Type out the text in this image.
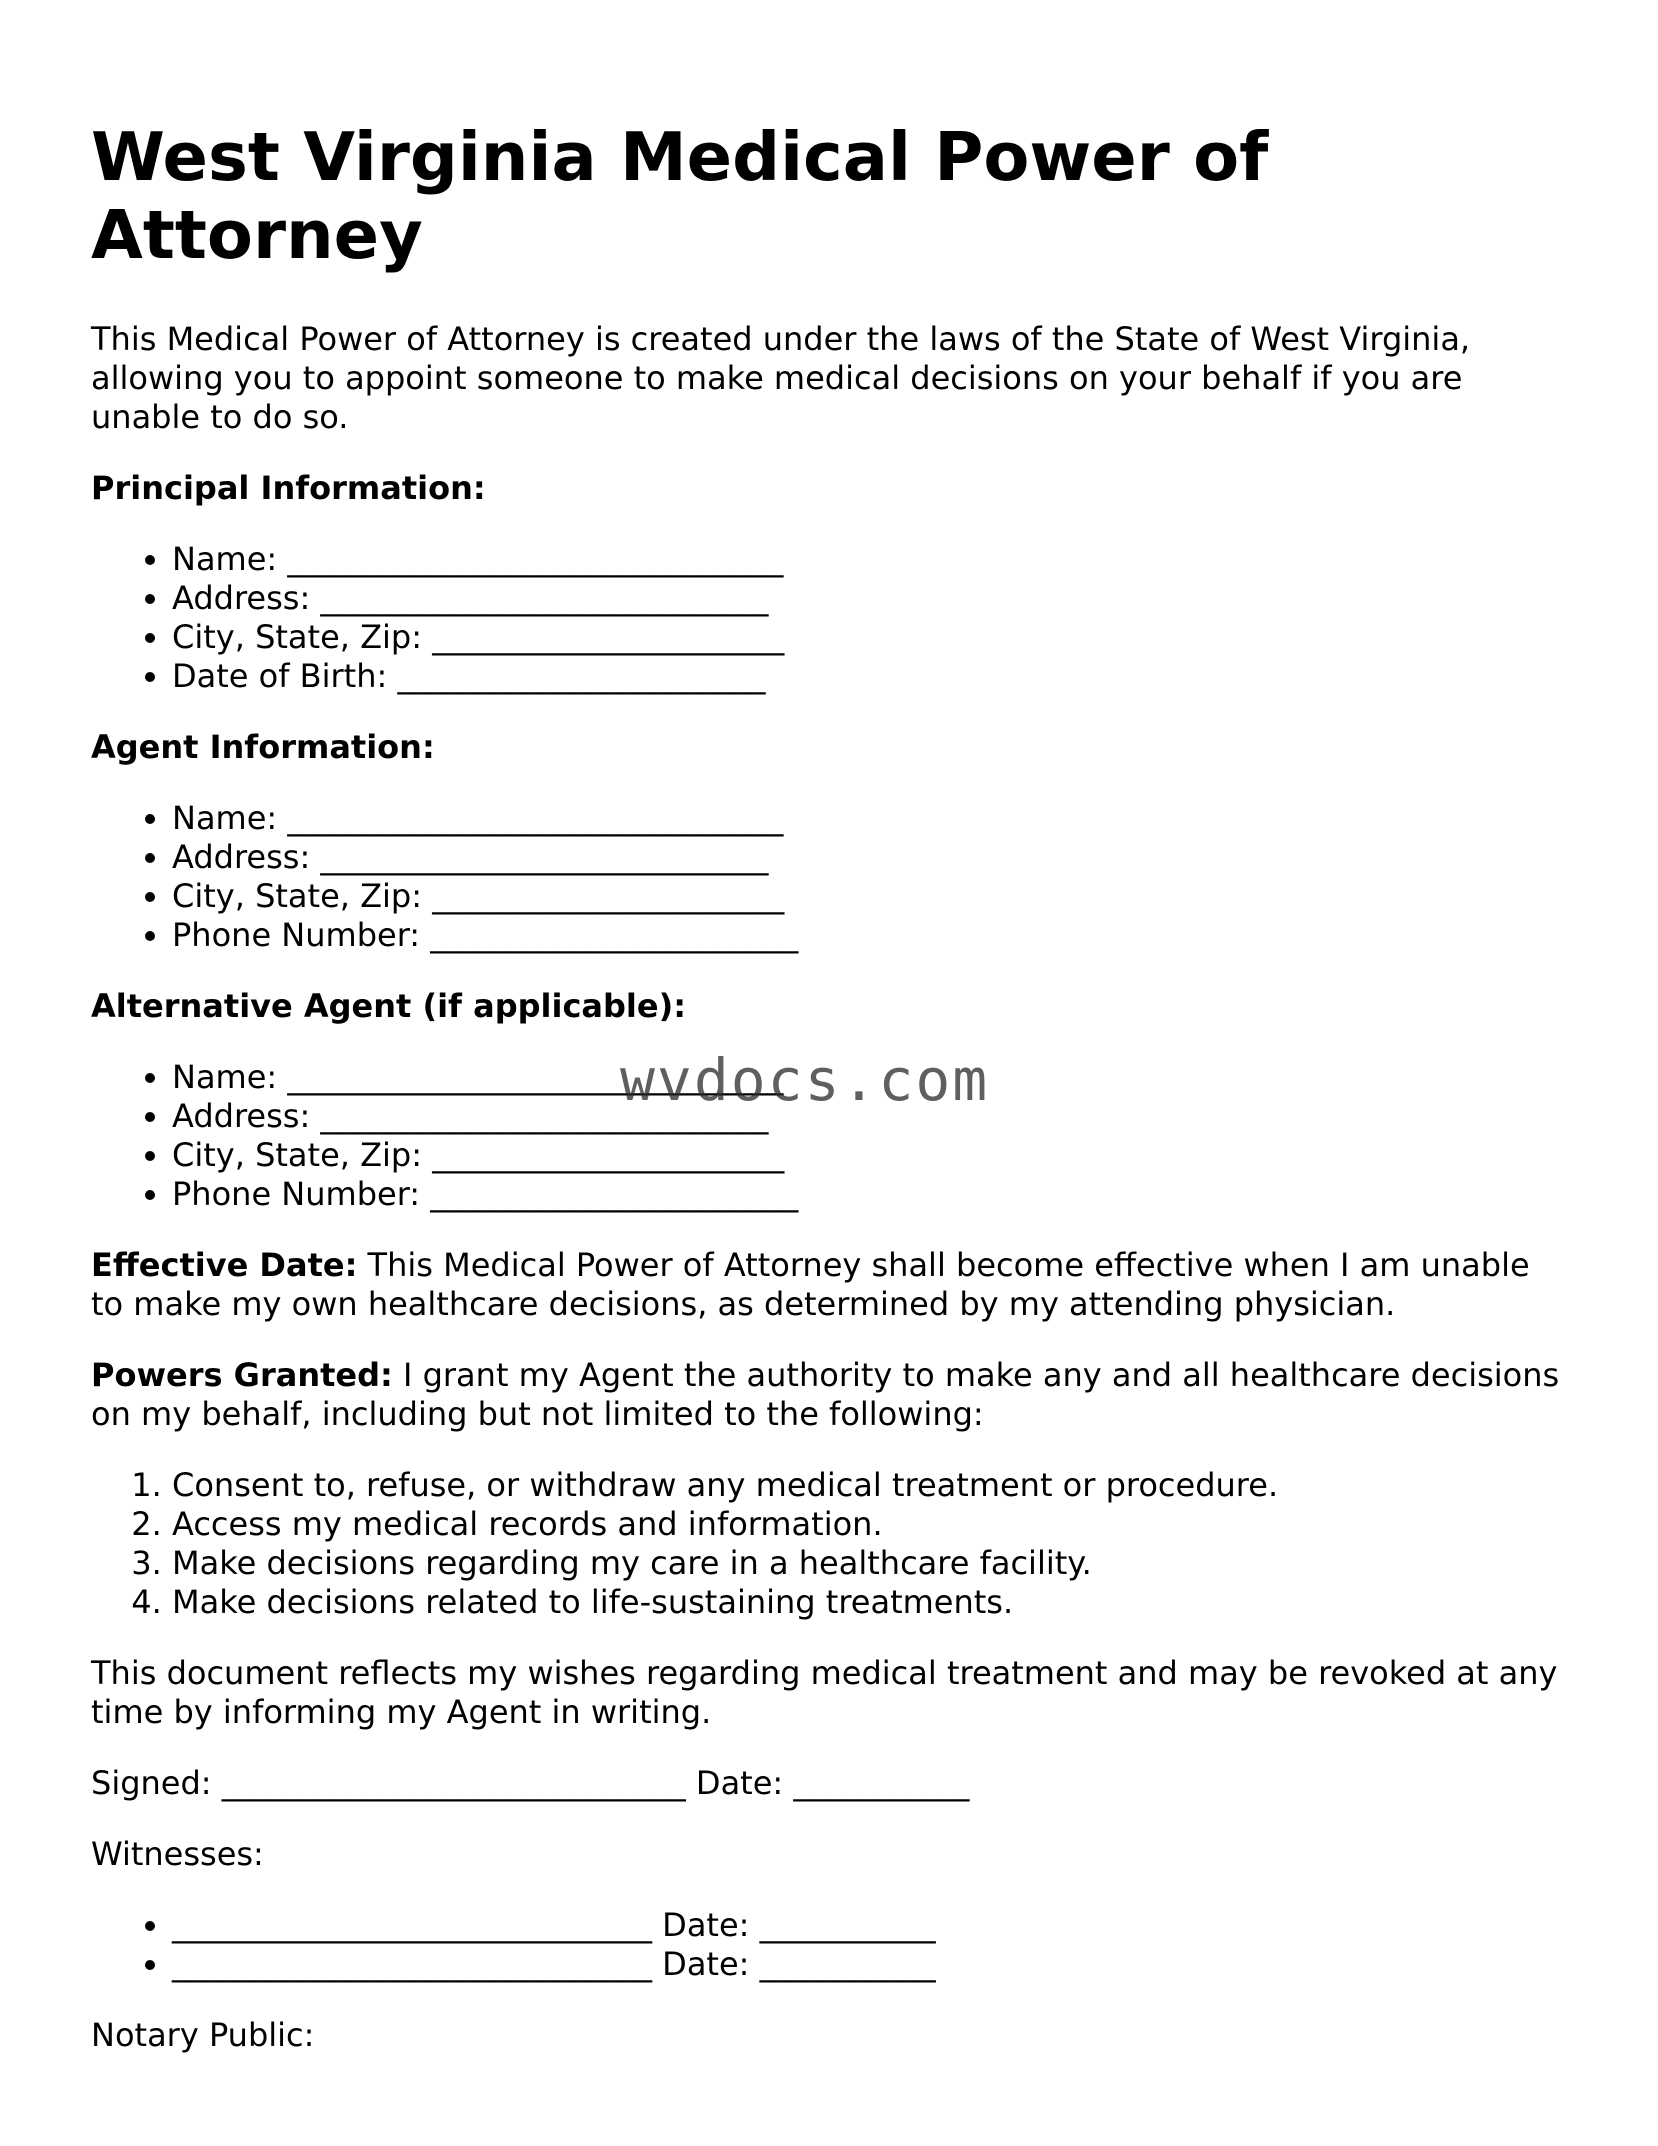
West Virginia Medical Power of Attorney

This Medical Power of Attorney is created under the laws of the State of West Virginia, allowing you to appoint someone to make medical decisions on your behalf if you are unable to do so.

Principal Information:
• Name: _______________________________
• Address: ____________________________
• City, State, Zip: ______________________
• Date of Birth: _______________________
Agent Information:
• Name: _______________________________
• Address: ____________________________
• City, State, Zip: ______________________
• Phone Number: _______________________
Alternative Agent (if applicable):
• Name: _______________________________
• Address: ____________________________
• City, State, Zip: ______________________
• Phone Number: _______________________

Effective Date: This Medical Power of Attorney shall become effective when I am unable to make my own healthcare decisions, as determined by my attending physician.

Powers Granted: I grant my Agent the authority to make any and all healthcare decisions on my behalf, including but not limited to the following:

1. Consent to, refuse, or withdraw any medical treatment or procedure.
2. Access my medical records and information.
3. Make decisions regarding my care in a healthcare facility.
4. Make decisions related to life-sustaining treatments.

This document reflects my wishes regarding medical treatment and may be revoked at any time by informing my Agent in writing.

Signed: _____________________________ Date: ___________

Witnesses:

• ______________________________ Date: ___________
• ______________________________ Date: ___________

Notary Public:

wvdocs.com
